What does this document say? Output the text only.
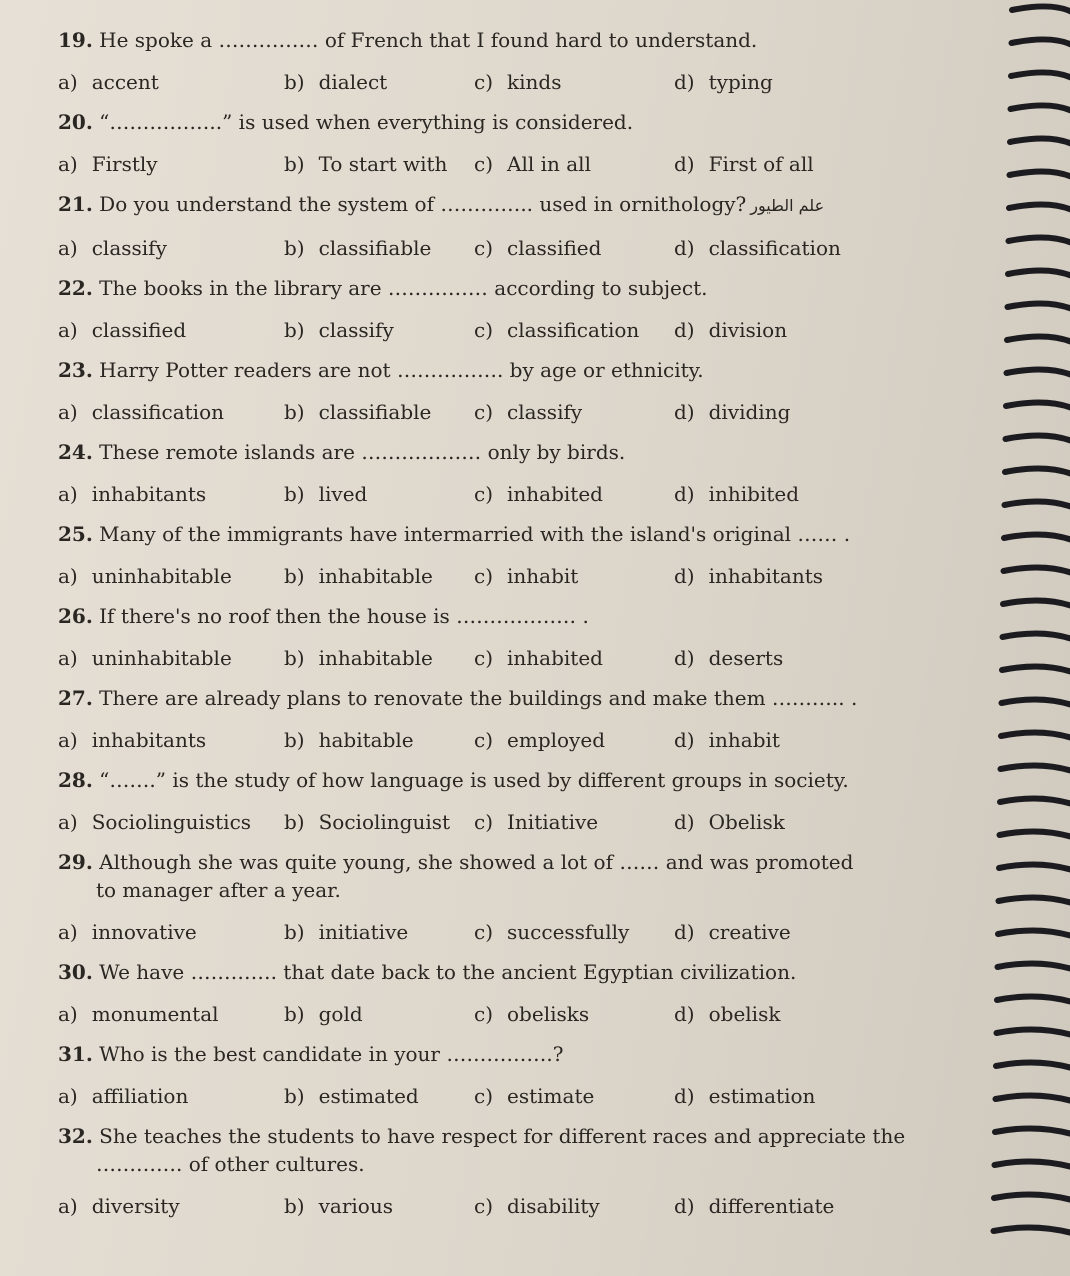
19. He spoke a …………… of French that I found hard to understand.

a) accent	b) dialect	c) kinds	d) typing

20. “……………..” is used when everything is considered.

a) Firstly	b) To start with	c) All in all	d) First of all

21. Do you understand the system of ………….. used in ornithology? علم الطيور

a) classify	b) classifiable	c) classified	d) classification

22. The books in the library are …………… according to subject.

a) classified	b) classify	c) classification	d) division

23. Harry Potter readers are not ……………. by age or ethnicity.

a) classification	b) classifiable	c) classify	d) dividing

24. These remote islands are ……………… only by birds.

a) inhabitants	b) lived	c) inhabited	d) inhibited

25. Many of the immigrants have intermarried with the island's original …… .

a) uninhabitable	b) inhabitable	c) inhabit	d) inhabitants

26. If there's no roof then the house is ……………… .

a) uninhabitable	b) inhabitable	c) inhabited	d) deserts

27. There are already plans to renovate the buildings and make them ……….. .

a) inhabitants	b) habitable	c) employed	d) inhabit

28. “…….” is the study of how language is used by different groups in society.

a) Sociolinguistics	b) Sociolinguist	c) Initiative	d) Obelisk

29. Although she was quite young, she showed a lot of …… and was promoted

to manager after a year.

a) innovative	b) initiative	c) successfully	d) creative

30. We have …………. that date back to the ancient Egyptian civilization.

a) monumental	b) gold	c) obelisks	d) obelisk

31. Who is the best candidate in your …………….?

a) affiliation	b) estimated	c) estimate	d) estimation

32. She teaches the students to have respect for different races and appreciate the

…………. of other cultures.

a) diversity	b) various	c) disability	d) differentiate
